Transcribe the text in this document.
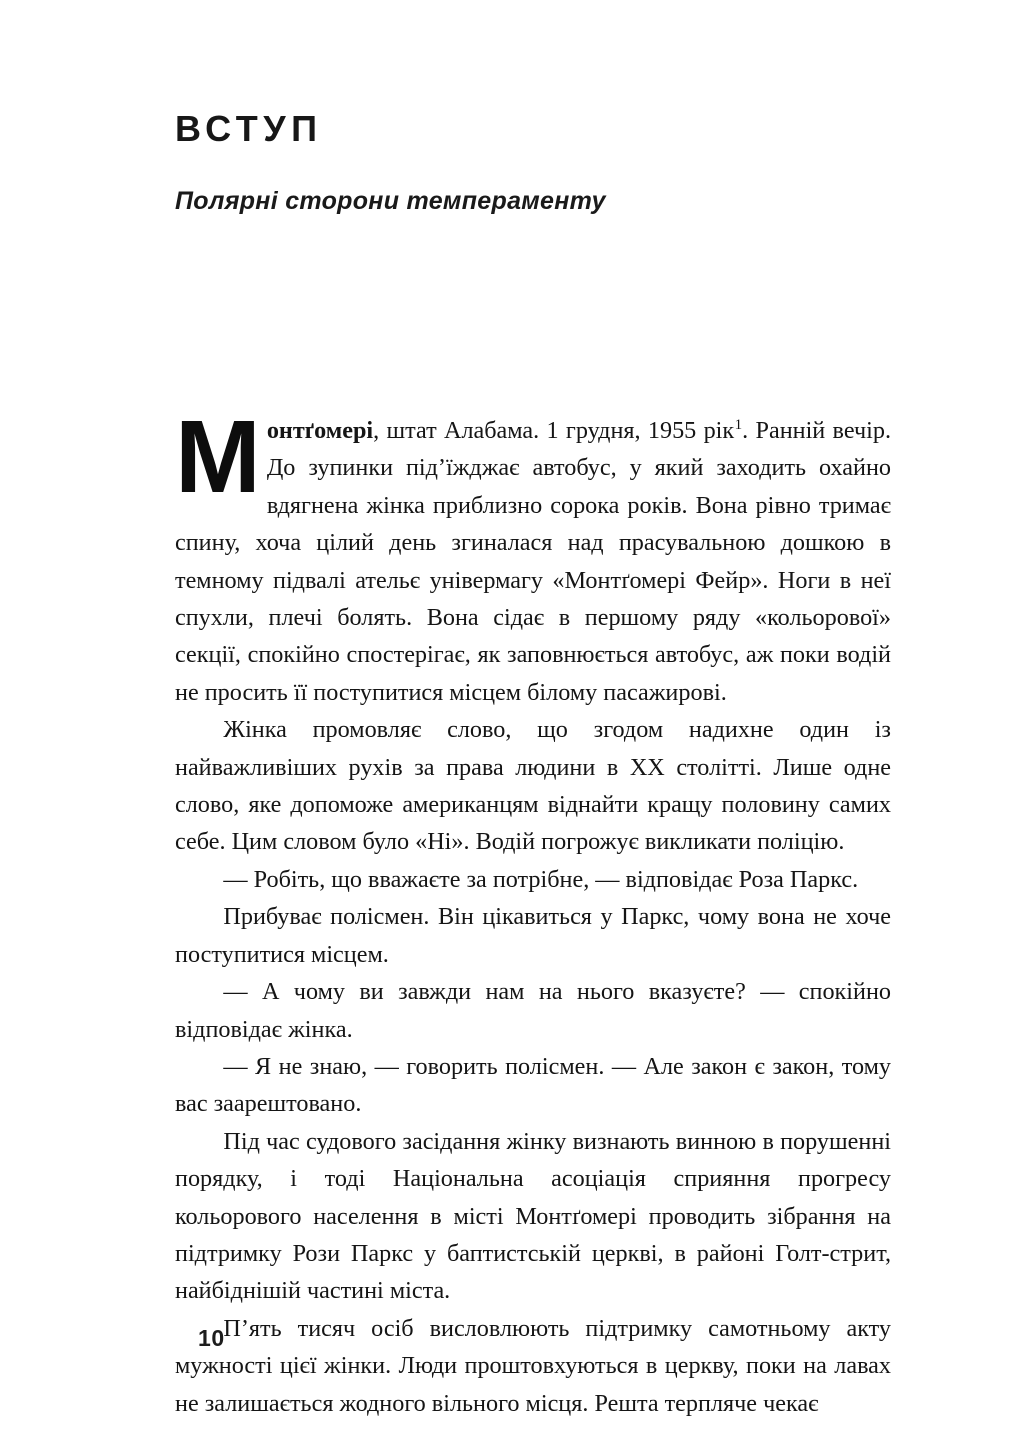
ВСТУП

Полярні сторони темпераменту

Монтґомері, штат Алабама. 1 грудня, 1955 рік$^1$. Ранній вечір. До зупинки під’їжджає автобус, у який заходить охайно вдягнена жінка приблизно сорока років. Вона рівно тримає спину, хоча цілий день згиналася над прасувальною дошкою в темному підвалі ательє універмагу «Монтґомері Фейр». Ноги в неї спухли, плечі болять. Вона сідає в першому ряду «кольорової» секції, спокійно спостерігає, як заповнюється автобус, аж поки водій не просить її поступитися місцем білому пасажирові.

Жінка промовляє слово, що згодом надихне один із найважливіших рухів за права людини в XX столітті. Лише одне слово, яке допоможе американцям віднайти кращу половину самих себе. Цим словом було «Ні». Водій погрожує викликати поліцію.

— Робіть, що вважаєте за потрібне, — відповідає Роза Паркс.

Прибуває полісмен. Він цікавиться у Паркс, чому вона не хоче поступитися місцем.

— А чому ви завжди нам на нього вказуєте? — спокійно відповідає жінка.

— Я не знаю, — говорить полісмен. — Але закон є закон, тому вас заарештовано.

Під час судового засідання жінку визнають винною в порушенні порядку, і тоді Національна асоціація сприяння прогресу кольорового населення в місті Монтґомері проводить зібрання на підтримку Рози Паркс у баптистській церкві, в районі Голт-стрит, найбіднішій частині міста.

П’ять тисяч осіб висловлюють підтримку самотньому акту мужності цієї жінки. Люди проштовхуються в церкву, поки на лавах не залишається жодного вільного місця. Решта терпляче чекає

10
